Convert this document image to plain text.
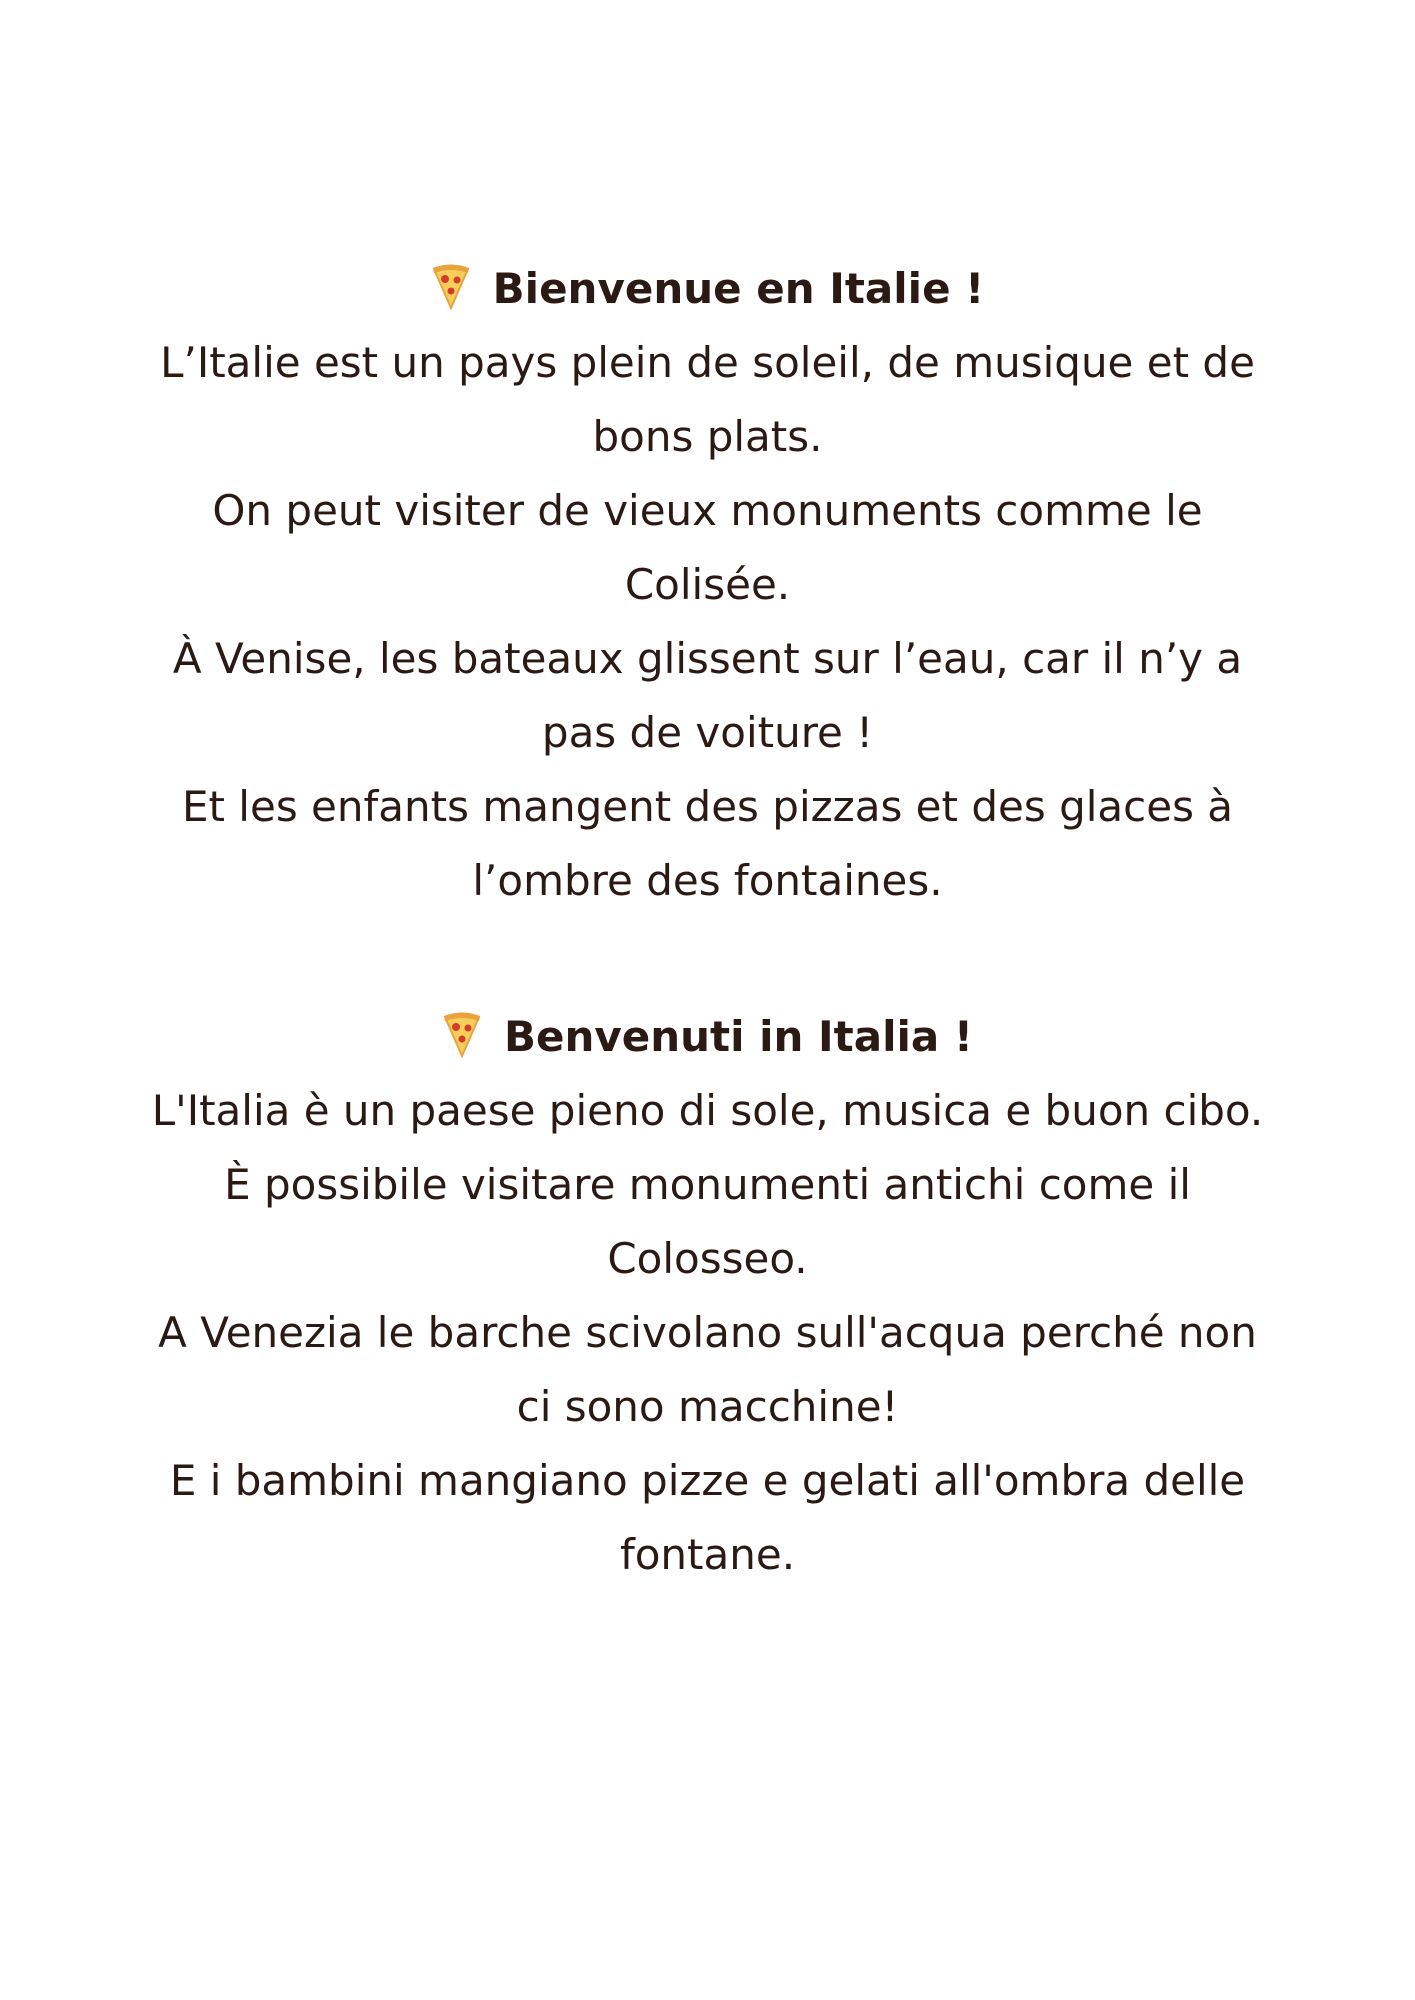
Bienvenue en Italie !

L’Italie est un pays plein de soleil, de musique et de bons plats.

On peut visiter de vieux monuments comme le Colisée.

À Venise, les bateaux glissent sur l’eau, car il n’y a pas de voiture !

Et les enfants mangent des pizzas et des glaces à l’ombre des fontaines.

Benvenuti in Italia !

L'Italia è un paese pieno di sole, musica e buon cibo.

È possibile visitare monumenti antichi come il Colosseo.

A Venezia le barche scivolano sull'acqua perché non ci sono macchine!

E i bambini mangiano pizze e gelati all'ombra delle fontane.
